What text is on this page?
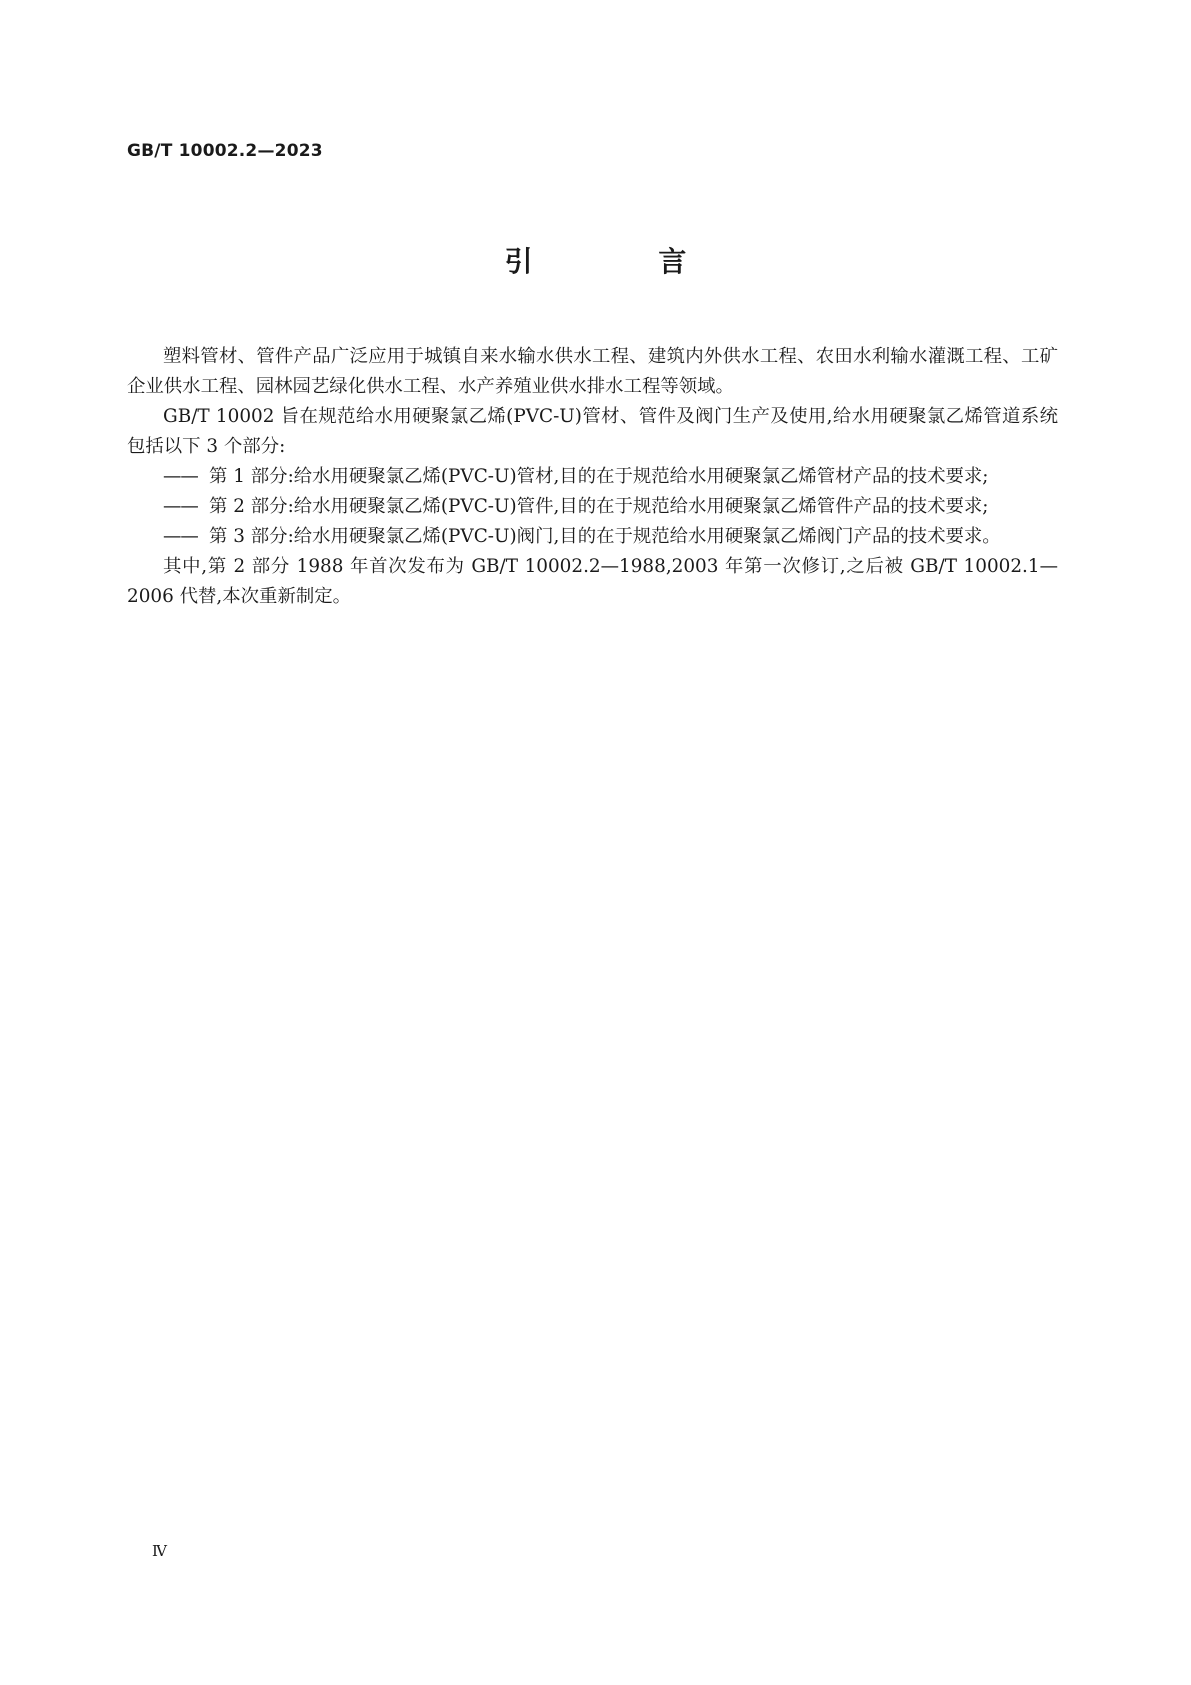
GB/T 10002.2—2023
引 言

塑料管材、管件产品广泛应用于城镇自来水输水供水工程、建筑内外供水工程、农田水利输水灌溉工程、工矿企业供水工程、园林园艺绿化供水工程、水产养殖业供水排水工程等领域。

GB/T 10002 旨在规范给水用硬聚氯乙烯(PVC-U)管材、管件及阀门生产及使用,给水用硬聚氯乙烯管道系统包括以下 3 个部分:

—— 第 1 部分:给水用硬聚氯乙烯(PVC-U)管材,目的在于规范给水用硬聚氯乙烯管材产品的技术要求;

—— 第 2 部分:给水用硬聚氯乙烯(PVC-U)管件,目的在于规范给水用硬聚氯乙烯管件产品的技术要求;

—— 第 3 部分:给水用硬聚氯乙烯(PVC-U)阀门,目的在于规范给水用硬聚氯乙烯阀门产品的技术要求。

其中,第 2 部分 1988 年首次发布为 GB/T 10002.2—1988,2003 年第一次修订,之后被 GB/T 10002.1—2006 代替,本次重新制定。

Ⅳ
